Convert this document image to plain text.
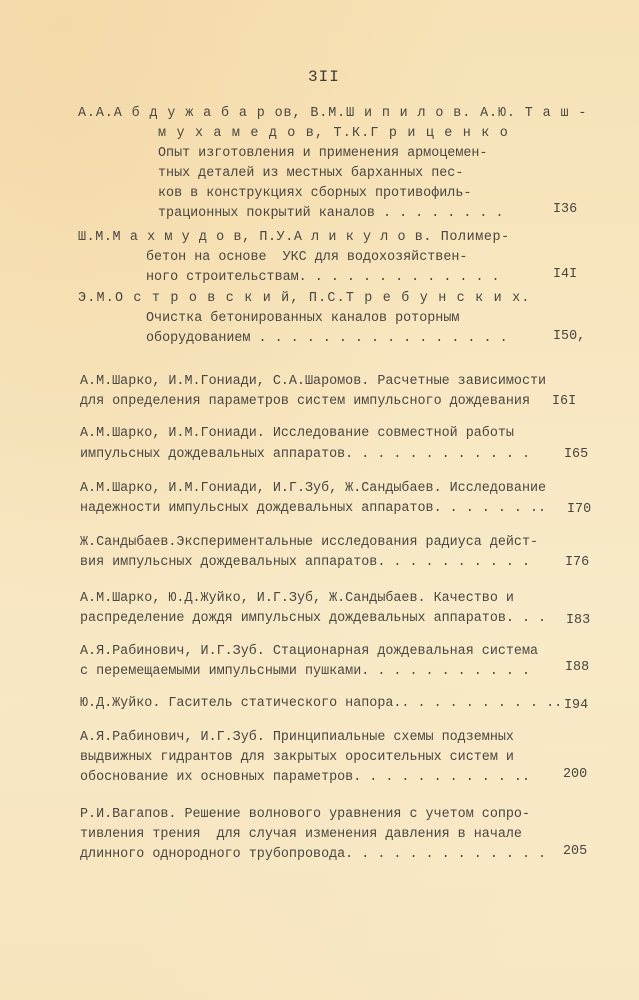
3II
А.А.А б д у ж а б а р ов, В.М.Ш и п и л о в. А.Ю. Т а ш -
м у х а м е д о в, Т.К.Г р и ц е н к о
Опыт изготовления и применения армоцемен-
тных деталей из местных барханных пес-
ков в конструкциях сборных противофиль-
трационных покрытий каналов . . . . . . . .	I36
Ш.М.М а х м у д о в, П.У.А л и к у л о в. Полимер-
бетон на основе  УКС для водохозяйствен-
ного строительствам. . . . . . . . . . . . .	I4I
Э.М.О с т р о в с к и й, П.С.Т р е б у н с к и х.
Очистка бетонированных каналов роторным
оборудованием . . . . . . . . . . . . . . . .	I50,
А.М.Шарко, И.М.Гониади, С.А.Шаромов. Расчетные зависимости
для определения параметров систем импульсного дождевания I6I
А.М.Шарко, И.М.Гониади. Исследование совместной работы
импульсных дождевальных аппаратов. . . . . . . . . . . .	I65
А.М.Шарко, И.М.Гониади, И.Г.Зуб, Ж.Сандыбаев. Исследование
надежности импульсных дождевальных аппаратов. . . . . . .. I70
Ж.Сандыбаев.Экспериментальные исследования радиуса дейст-
вия импульсных дождевальных аппаратов. . . . . . . . . .	I76
А.М.Шарко, Ю.Д.Жуйко, И.Г.Зуб, Ж.Сандыбаев. Качество и
распределение дождя импульсных дождевальных аппаратов. . . I83
А.Я.Рабинович, И.Г.Зуб. Стационарная дождевальная система
с перемещаемыми импульсными пушками. . . . . . . . . . .	I88
Ю.Д.Жуйко. Гаситель статического напора.. . . . . . . . . .. I94
А.Я.Рабинович, И.Г.Зуб. Принципиальные схемы подземных
выдвижных гидрантов для закрытых оросительных систем и
обоснование их основных параметров. . . . . . . . . . .. 200
Р.И.Вагапов. Решение волнового уравнения с учетом сопро-
тивления трения  для случая изменения давления в начале
длинного однородного трубопровода. . . . . . . . . . . . . 205
